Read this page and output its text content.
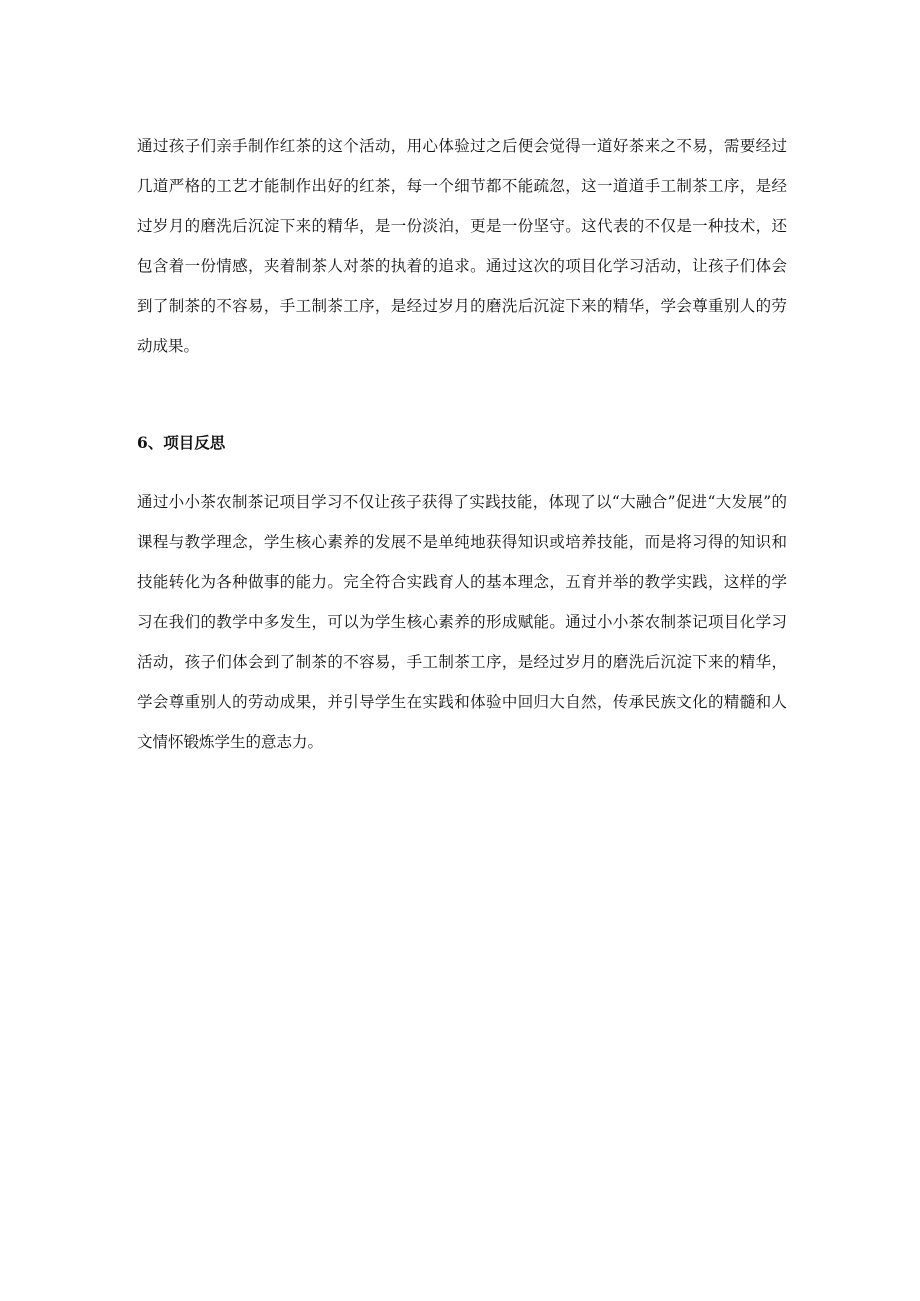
通过孩子们亲手制作红茶的这个活动，用心体验过之后便会觉得一道好茶来之不易，需要经过几道严格的工艺才能制作出好的红茶，每一个细节都不能疏忽，这一道道手工制茶工序，是经过岁月的磨洗后沉淀下来的精华，是一份淡泊，更是一份坚守。这代表的不仅是一种技术，还包含着一份情感，夹着制茶人对茶的执着的追求。通过这次的项目化学习活动，让孩子们体会到了制茶的不容易，手工制茶工序，是经过岁月的磨洗后沉淀下来的精华，学会尊重别人的劳动成果。

6、项目反思

通过小小茶农制茶记项目学习不仅让孩子获得了实践技能，体现了以“大融合”促进“大发展”的课程与教学理念，学生核心素养的发展不是单纯地获得知识或培养技能，而是将习得的知识和技能转化为各种做事的能力。完全符合实践育人的基本理念，五育并举的教学实践，这样的学习在我们的教学中多发生，可以为学生核心素养的形成赋能。通过小小茶农制茶记项目化学习活动，孩子们体会到了制茶的不容易，手工制茶工序，是经过岁月的磨洗后沉淀下来的精华，学会尊重别人的劳动成果，并引导学生在实践和体验中回归大自然，传承民族文化的精髓和人文情怀锻炼学生的意志力。
